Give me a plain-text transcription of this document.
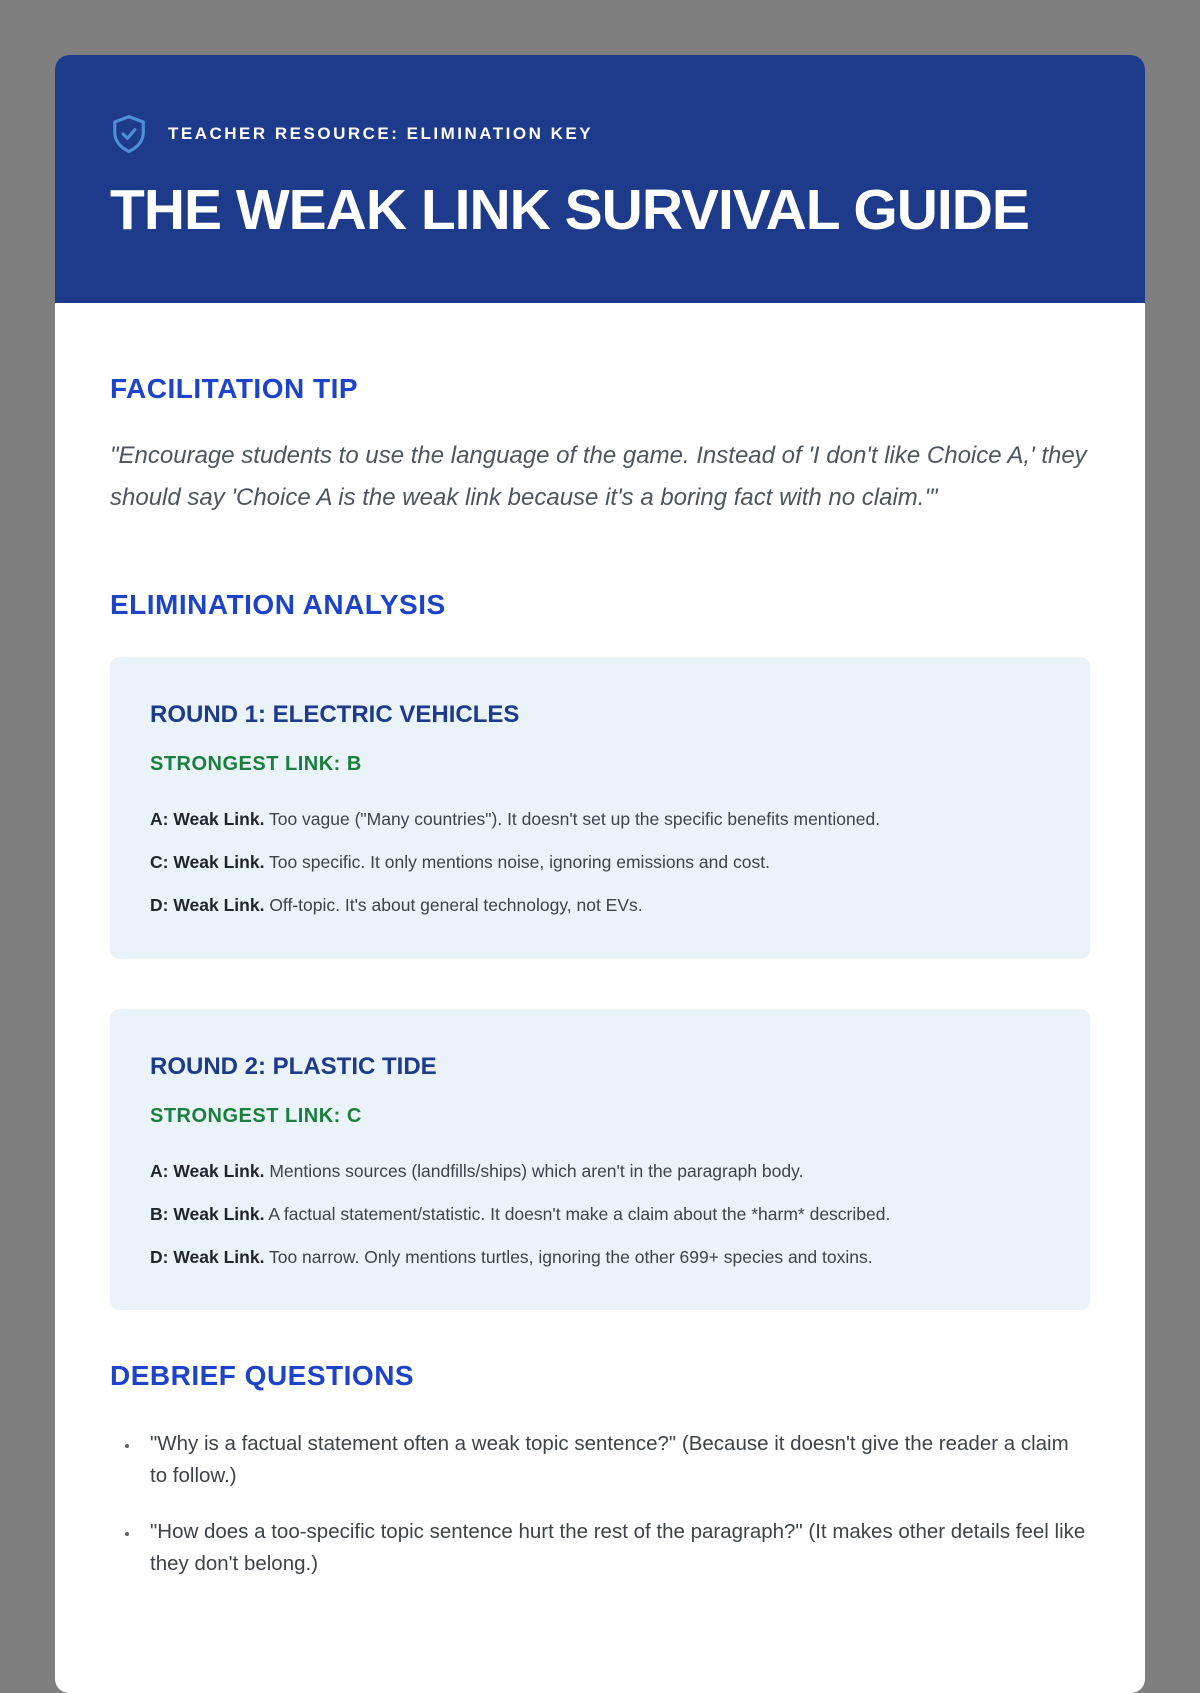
TEACHER RESOURCE: ELIMINATION KEY
THE WEAK LINK SURVIVAL GUIDE
FACILITATION TIP

"Encourage students to use the language of the game. Instead of 'I don't like Choice A,' they should say 'Choice A is the weak link because it's a boring fact with no claim.'"

ELIMINATION ANALYSIS
ROUND 1: ELECTRIC VEHICLES
STRONGEST LINK: B

A: Weak Link. Too vague ("Many countries"). It doesn't set up the specific benefits mentioned.

C: Weak Link. Too specific. It only mentions noise, ignoring emissions and cost.

D: Weak Link. Off-topic. It's about general technology, not EVs.

ROUND 2: PLASTIC TIDE
STRONGEST LINK: C

A: Weak Link. Mentions sources (landfills/ships) which aren't in the paragraph body.

B: Weak Link. A factual statement/statistic. It doesn't make a claim about the *harm* described.

D: Weak Link. Too narrow. Only mentions turtles, ignoring the other 699+ species and toxins.

DEBRIEF QUESTIONS
• "Why is a factual statement often a weak topic sentence?" (Because it doesn't give the reader a claim to follow.)
• "How does a too-specific topic sentence hurt the rest of the paragraph?" (It makes other details feel like they don't belong.)
